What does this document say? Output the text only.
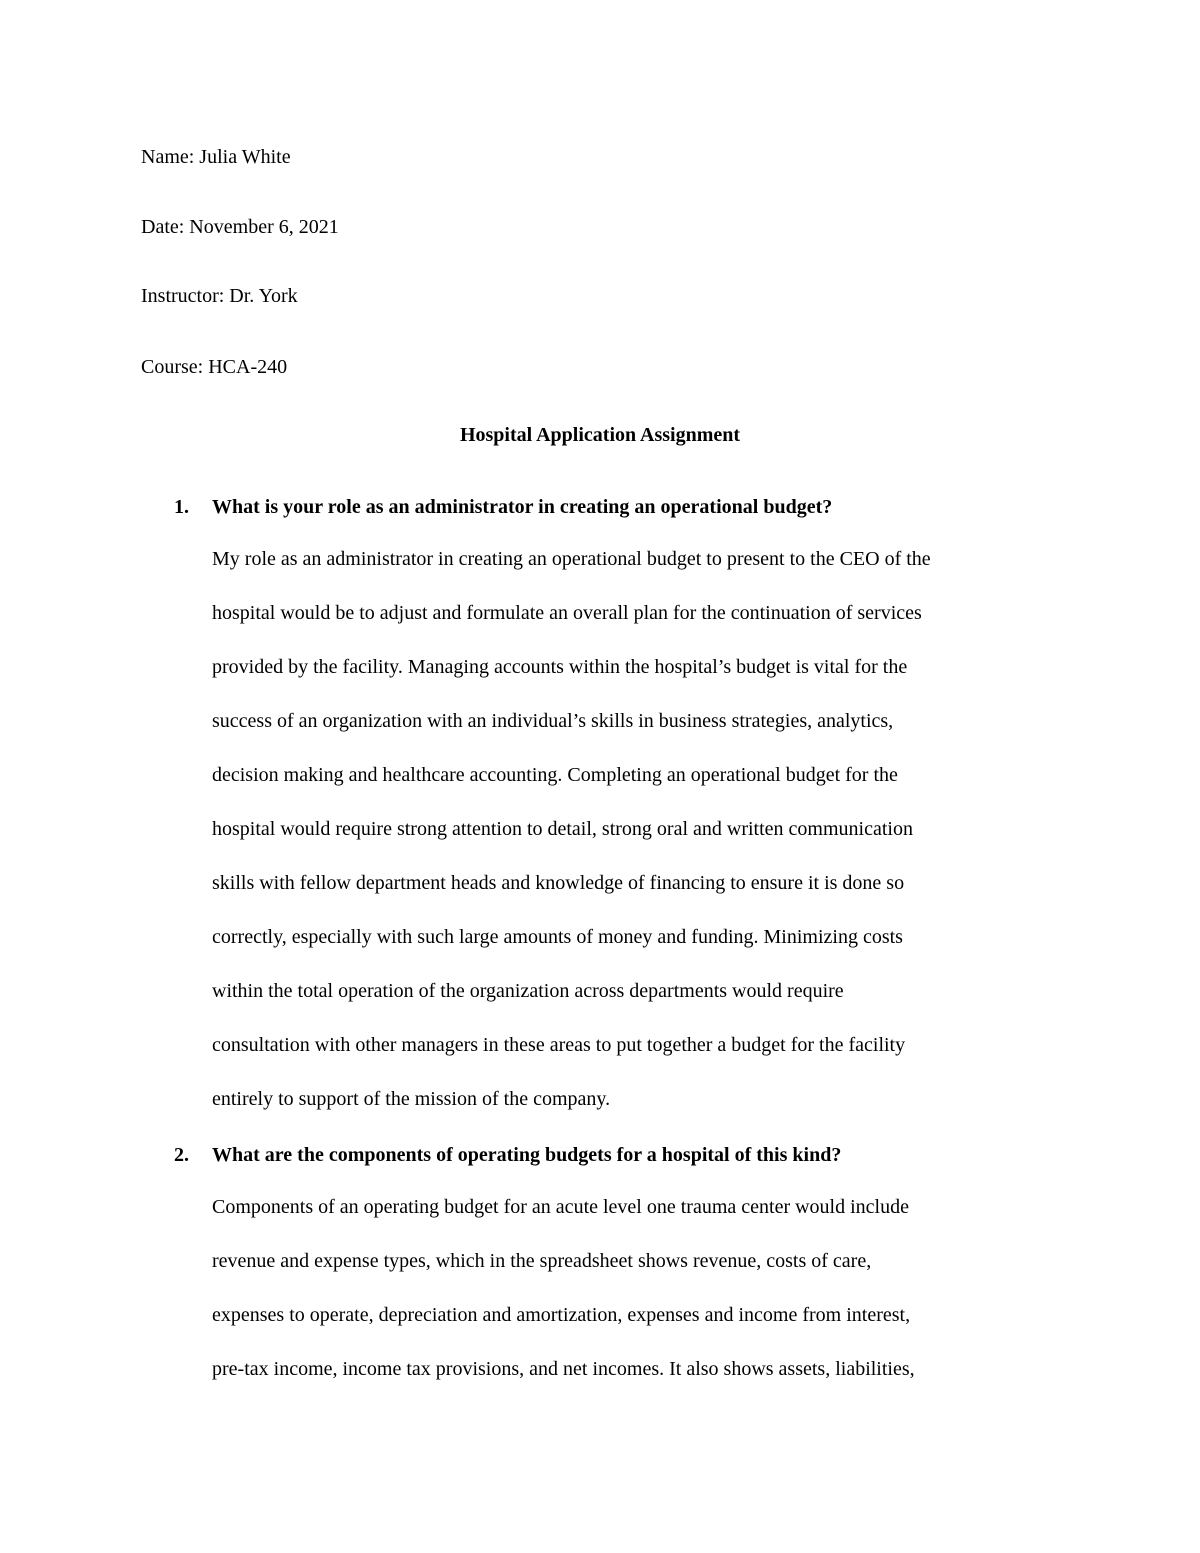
Name: Julia White
Date: November 6, 2021
Instructor: Dr. York
Course: HCA-240
Hospital Application Assignment
1. What is your role as an administrator in creating an operational budget?
My role as an administrator in creating an operational budget to present to the CEO of the
hospital would be to adjust and formulate an overall plan for the continuation of services
provided by the facility. Managing accounts within the hospital’s budget is vital for the
success of an organization with an individual’s skills in business strategies, analytics,
decision making and healthcare accounting. Completing an operational budget for the
hospital would require strong attention to detail, strong oral and written communication
skills with fellow department heads and knowledge of financing to ensure it is done so
correctly, especially with such large amounts of money and funding. Minimizing costs
within the total operation of the organization across departments would require
consultation with other managers in these areas to put together a budget for the facility
entirely to support of the mission of the company.
2. What are the components of operating budgets for a hospital of this kind?
Components of an operating budget for an acute level one trauma center would include
revenue and expense types, which in the spreadsheet shows revenue, costs of care,
expenses to operate, depreciation and amortization, expenses and income from interest,
pre-tax income, income tax provisions, and net incomes. It also shows assets, liabilities,
